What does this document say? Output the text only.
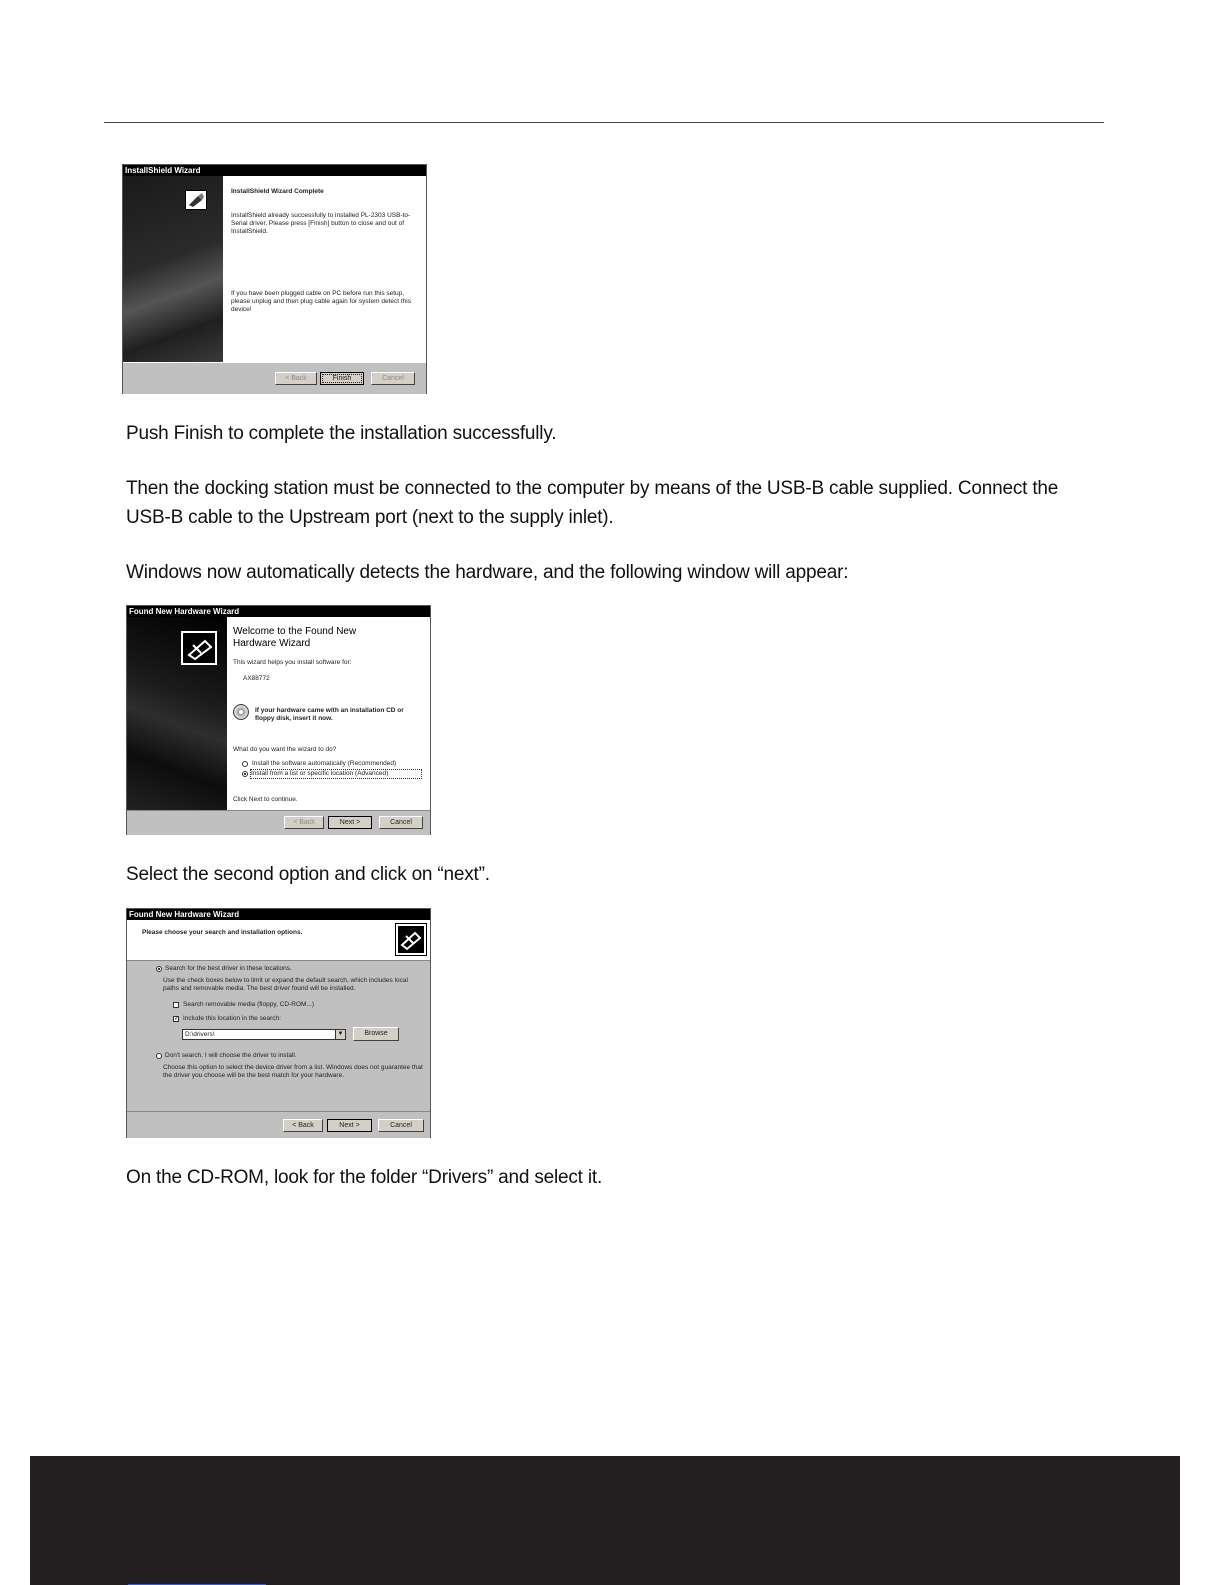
InstallShield Wizard
InstallShield Wizard Complete
InstallShield already successfully to installed PL-2303 USB-to-Serial driver. Please press [Finish] button to close and out of InstallShield.
If you have been plugged cable on PC before run this setup, please unplug and then plug cable again for system detect this device!
< Back	Finish	Cancel
Push Finish to complete the installation successfully.
Then the docking station must be connected to the computer by means of the USB-B cable supplied. Connect the USB-B cable to the Upstream port (next to the supply inlet).
Windows now automatically detects the hardware, and the following window will appear:
Found New Hardware Wizard
Welcome to the Found New Hardware Wizard
This wizard helps you install software for:
AX88772
If your hardware came with an installation CD or floppy disk, insert it now.
What do you want the wizard to do?
Install the software automatically (Recommended)
Install from a list or specific location (Advanced)
Click Next to continue.
< Back	Next >	Cancel
Select the second option and click on “next”.
Found New Hardware Wizard
Please choose your search and installation options.
Search for the best driver in these locations.
Use the check boxes below to limit or expand the default search, which includes local paths and removable media. The best driver found will be installed.
Search removable media (floppy, CD-ROM...)
✓ Include this location in the search:
D:\drivers\	▼	Browse
Don't search. I will choose the driver to install.
Choose this option to select the device driver from a list. Windows does not guarantee that the driver you choose will be the best match for your hardware.
< Back	Next >	Cancel
On the CD-ROM, look for the folder “Drivers” and select it.
